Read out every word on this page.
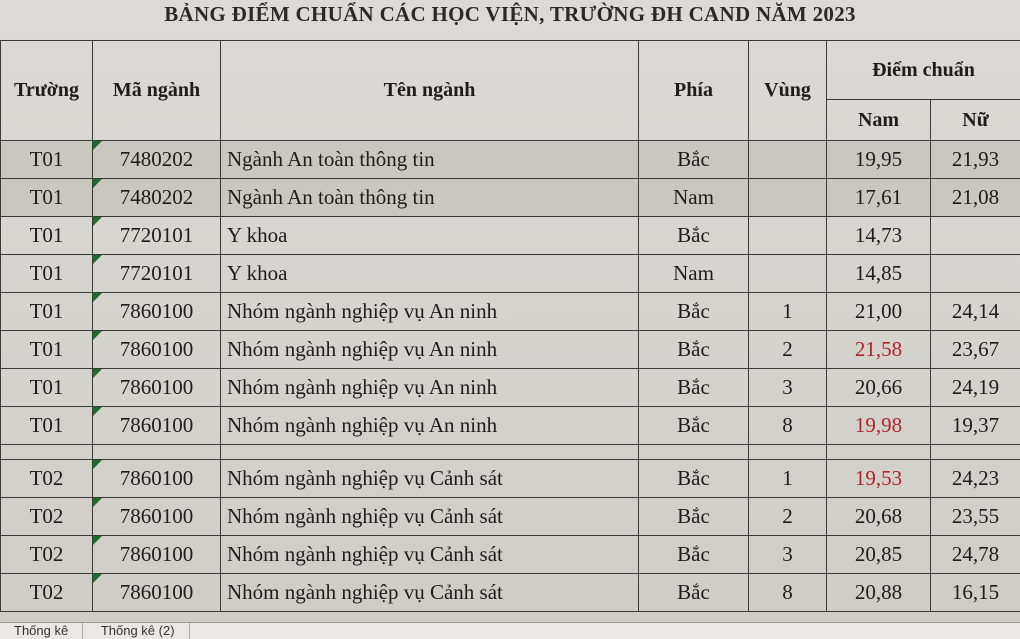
BẢNG ĐIỂM CHUẨN CÁC HỌC VIỆN, TRƯỜNG ĐH CAND NĂM 2023
Trường	Mã ngành	Tên ngành	Phía	Vùng	Điểm chuẩn	
					Nam	Nữ
T01	7480202	Ngành An toàn thông tin	Bắc		19,95	21,93
T01	7480202	Ngành An toàn thông tin	Nam		17,61	21,08
T01	7720101	Y khoa	Bắc		14,73	
T01	7720101	Y khoa	Nam		14,85	
T01	7860100	Nhóm ngành nghiệp vụ An ninh	Bắc	1	21,00	24,14
T01	7860100	Nhóm ngành nghiệp vụ An ninh	Bắc	2	21,58	23,67
T01	7860100	Nhóm ngành nghiệp vụ An ninh	Bắc	3	20,66	24,19
T01	7860100	Nhóm ngành nghiệp vụ An ninh	Bắc	8	19,98	19,37

T02	7860100	Nhóm ngành nghiệp vụ Cảnh sát	Bắc	1	19,53	24,23
T02	7860100	Nhóm ngành nghiệp vụ Cảnh sát	Bắc	2	20,68	23,55
T02	7860100	Nhóm ngành nghiệp vụ Cảnh sát	Bắc	3	20,85	24,78
T02	7860100	Nhóm ngành nghiệp vụ Cảnh sát	Bắc	8	20,88	16,15
Thống kê	Thống kê (2)
